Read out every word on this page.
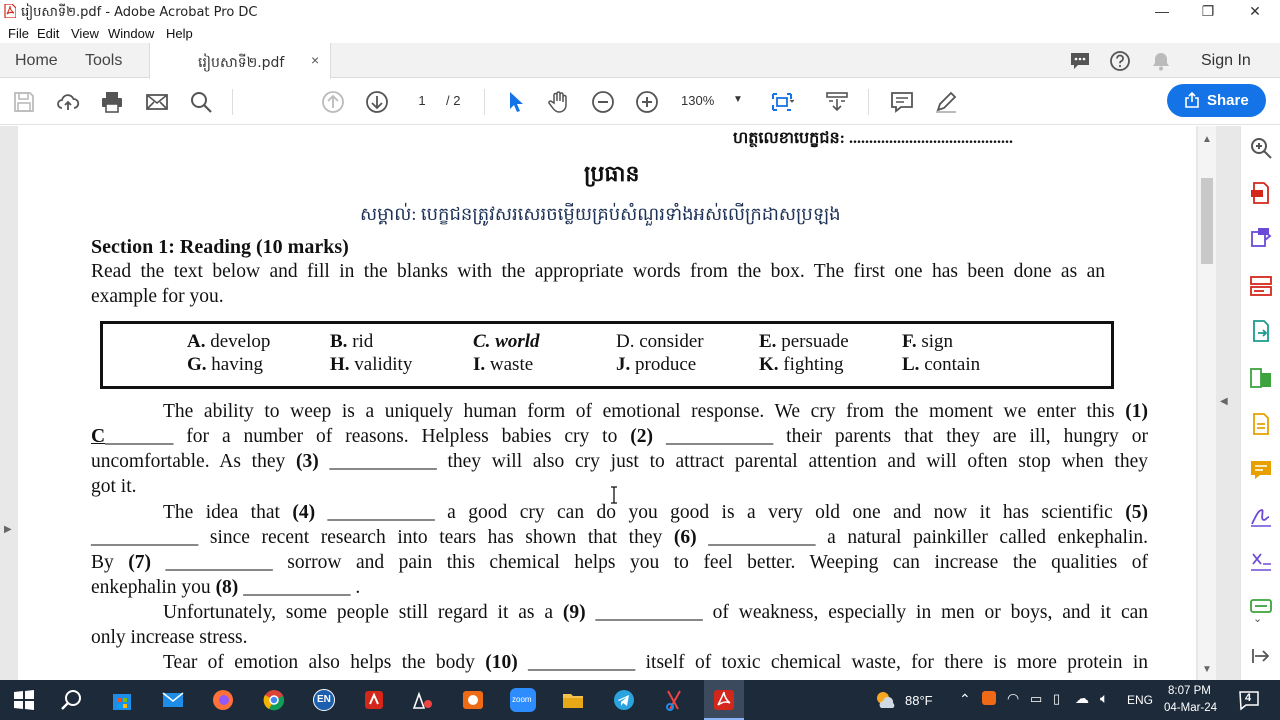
រៀបសាទី២.pdf - Adobe Acrobat Pro DC	—	❐	✕
File Edit View Window Help
Home Tools	រៀបសាទី២.pdf ×	Sign In
1	/ 2	130% ▼	Share
▶
ហត្ថលេខាបេក្ខជន: .........................................
ប្រធាន
សម្គាល់: បេក្ខជនត្រូវសរសេរចម្លើយគ្រប់សំណួរទាំងអស់លើក្រដាសប្រឡង
Section 1: Reading (10 marks)
Read the text below and fill in the blanks with the appropriate words from the box. The first one has been done as an
example for you.
A. develop	B. rid	C. world	D. consider	E. persuade	F. sign
G. having	H. validity	I. waste	J. produce	K. fighting	L. contain
The ability to weep is a uniquely human form of emotional response. We cry from the moment we enter this (1)
C_______ for a number of reasons. Helpless babies cry to (2) ___________ their parents that they are ill, hungry or
uncomfortable. As they (3) ___________ they will also cry just to attract parental attention and will often stop when they
got it.
The idea that (4) ___________ a good cry can do you good is a very old one and now it has scientific (5)
___________ since recent research into tears has shown that they (6) ___________ a natural painkiller called enkephalin.
By (7) ___________ sorrow and pain this chemical helps you to feel better. Weeping can increase the qualities of
enkephalin you (8) ___________ .
Unfortunately, some people still regard it as a (9) ___________ of weakness, especially in men or boys, and it can
only increase stress.
Tear of emotion also helps the body (10) ___________ itself of toxic chemical waste, for there is more protein in
▲
▼
◀
⌄
EN	zoom	88°F ⌃	◠ ▭ ▯ ☁ 🔈︎ ENG
8:07 PM
04-Mar-24
4
